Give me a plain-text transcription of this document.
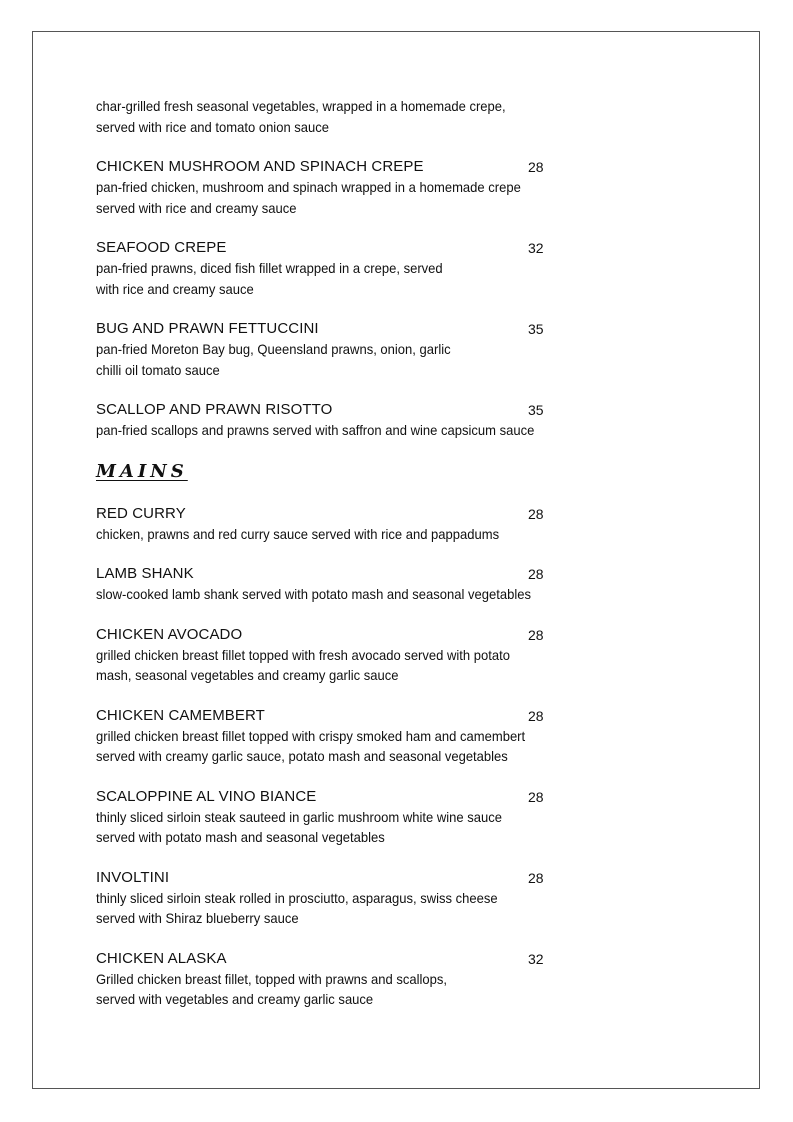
char-grilled fresh seasonal vegetables, wrapped in a homemade crepe,
served with rice and tomato onion sauce
CHICKEN MUSHROOM AND SPINACH CREPE	28
pan-fried chicken, mushroom and spinach wrapped in a homemade crepe
served with rice and creamy sauce
SEAFOOD CREPE	32
pan-fried prawns, diced fish fillet wrapped in a crepe, served
with rice and creamy sauce
BUG AND PRAWN FETTUCCINI	35
pan-fried Moreton Bay bug, Queensland prawns, onion, garlic
chilli oil tomato sauce
SCALLOP AND PRAWN RISOTTO	35
pan-fried scallops and prawns served with saffron and wine capsicum sauce
MAINS
RED CURRY	28
chicken, prawns and red curry sauce served with rice and pappadums
LAMB SHANK	28
slow-cooked lamb shank served with potato mash and seasonal vegetables
CHICKEN AVOCADO	28
grilled chicken breast fillet topped with fresh avocado served with potato
mash, seasonal vegetables and creamy garlic sauce
CHICKEN CAMEMBERT	28
grilled chicken breast fillet topped with crispy smoked ham and camembert
served with creamy garlic sauce, potato mash and seasonal vegetables
SCALOPPINE AL VINO BIANCE	28
thinly sliced sirloin steak sauteed in garlic mushroom white wine sauce
served with potato mash and seasonal vegetables
INVOLTINI	28
thinly sliced sirloin steak rolled in prosciutto, asparagus, swiss cheese
served with Shiraz blueberry sauce
CHICKEN ALASKA	32
Grilled chicken breast fillet, topped with prawns and scallops,
served with vegetables and creamy garlic sauce
